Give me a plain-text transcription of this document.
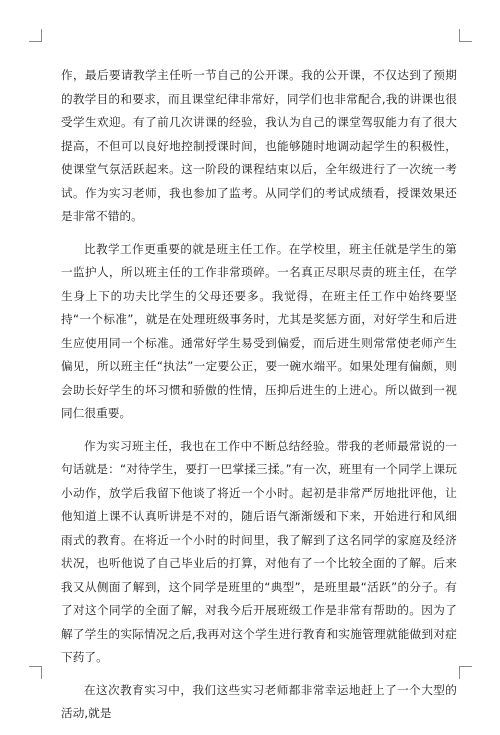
作，最后要请教学主任听一节自己的公开课。我的公开课，不仅达到了预期的教学目的和要求，而且课堂纪律非常好，同学们也非常配合,我的讲课也很受学生欢迎。有了前几次讲课的经验，我认为自己的课堂驾驭能力有了很大提高，不但可以良好地控制授课时间，也能够随时地调动起学生的积极性，使课堂气氛活跃起来。这一阶段的课程结束以后，全年级进行了一次统一考试。作为实习老师，我也参加了监考。从同学们的考试成绩看，授课效果还是非常不错的。

比教学工作更重要的就是班主任工作。在学校里，班主任就是学生的第一监护人，所以班主任的工作非常琐碎。一名真正尽职尽责的班主任，在学生身上下的功夫比学生的父母还要多。我觉得，在班主任工作中始终要坚持“一个标准”，就是在处理班级事务时，尤其是奖惩方面，对好学生和后进生应使用同一个标准。通常好学生易受到偏爱，而后进生则常常使老师产生偏见，所以班主任“执法”一定要公正，要一碗水端平。如果处理有偏颇，则会助长好学生的坏习惯和骄傲的性情，压抑后进生的上进心。所以做到一视同仁很重要。

作为实习班主任，我也在工作中不断总结经验。带我的老师最常说的一句话就是：“对待学生，要打一巴掌揉三揉。”有一次，班里有一个同学上课玩小动作，放学后我留下他谈了将近一个小时。起初是非常严厉地批评他，让他知道上课不认真听讲是不对的，随后语气渐渐缓和下来，开始进行和风细雨式的教育。在将近一个小时的时间里，我了解到了这名同学的家庭及经济状况，也听他说了自己毕业后的打算，对他有了一个比较全面的了解。后来我又从侧面了解到，这个同学是班里的“典型”，是班里最“活跃”的分子。有了对这个同学的全面了解，对我今后开展班级工作是非常有帮助的。因为了解了学生的实际情况之后,我再对这个学生进行教育和实施管理就能做到对症下药了。

在这次教育实习中，我们这些实习老师都非常幸运地赶上了一个大型的活动,就是
